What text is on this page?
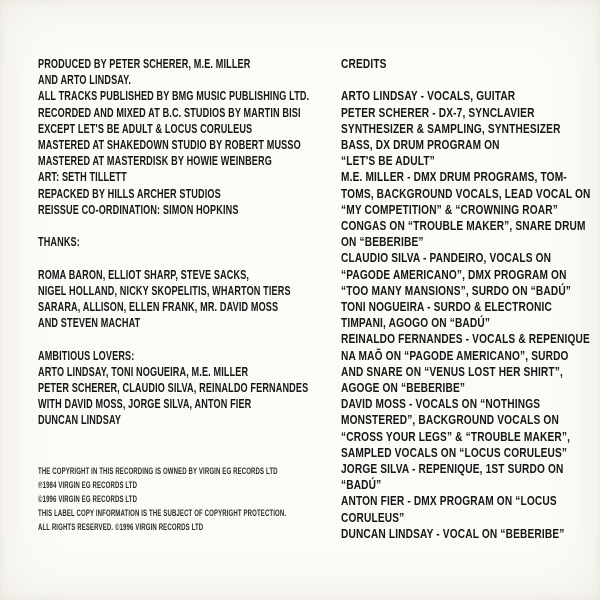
PRODUCED BY PETER SCHERER, M.E. MILLER
AND ARTO LINDSAY.
ALL TRACKS PUBLISHED BY BMG MUSIC PUBLISHING LTD.
RECORDED AND MIXED AT B.C. STUDIOS BY MARTIN BISI
EXCEPT LET'S BE ADULT & LOCUS CORULEUS
MASTERED AT SHAKEDOWN STUDIO BY ROBERT MUSSO
MASTERED AT MASTERDISK BY HOWIE WEINBERG
ART: SETH TILLETT
REPACKED BY HILLS ARCHER STUDIOS
REISSUE CO-ORDINATION: SIMON HOPKINS
THANKS:
ROMA BARON, ELLIOT SHARP, STEVE SACKS,
NIGEL HOLLAND, NICKY SKOPELITIS, WHARTON TIERS
SARARA, ALLISON, ELLEN FRANK, MR. DAVID MOSS
AND STEVEN MACHAT
AMBITIOUS LOVERS:
ARTO LINDSAY, TONI NOGUEIRA, M.E. MILLER
PETER SCHERER, CLAUDIO SILVA, REINALDO FERNANDES
WITH DAVID MOSS, JORGE SILVA, ANTON FIER
DUNCAN LINDSAY
THE COPYRIGHT IN THIS RECORDING IS OWNED BY VIRGIN EG RECORDS LTD
℗1984 VIRGIN EG RECORDS LTD
©1996 VIRGIN EG RECORDS LTD
THIS LABEL COPY INFORMATION IS THE SUBJECT OF COPYRIGHT PROTECTION.
ALL RIGHTS RESERVED. ©1996 VIRGIN RECORDS LTD
CREDITS
ARTO LINDSAY - VOCALS, GUITAR
PETER SCHERER - DX-7, SYNCLAVIER
SYNTHESIZER & SAMPLING, SYNTHESIZER
BASS, DX DRUM PROGRAM ON
“LET'S BE ADULT”
M.E. MILLER - DMX DRUM PROGRAMS, TOM-
TOMS, BACKGROUND VOCALS, LEAD VOCAL ON
“MY COMPETITION” & “CROWNING ROAR”
CONGAS ON “TROUBLE MAKER”, SNARE DRUM
ON “BEBERIBE”
CLAUDIO SILVA - PANDEIRO, VOCALS ON
“PAGODE AMERICANO”, DMX PROGRAM ON
“TOO MANY MANSIONS”, SURDO ON “BADÚ”
TONI NOGUEIRA - SURDO & ELECTRONIC
TIMPANI, AGOGO ON “BADÚ”
REINALDO FERNANDES - VOCALS & REPENIQUE
NA MAÕ ON “PAGODE AMERICANO”, SURDO
AND SNARE ON “VENUS LOST HER SHIRT”,
AGOGE ON “BEBERIBE”
DAVID MOSS - VOCALS ON “NOTHINGS
MONSTERED”, BACKGROUND VOCALS ON
“CROSS YOUR LEGS” & “TROUBLE MAKER”,
SAMPLED VOCALS ON “LOCUS CORULEUS”
JORGE SILVA - REPENIQUE, 1ST SURDO ON
“BADÚ”
ANTON FIER - DMX PROGRAM ON “LOCUS
CORULEUS”
DUNCAN LINDSAY - VOCAL ON “BEBERIBE”
